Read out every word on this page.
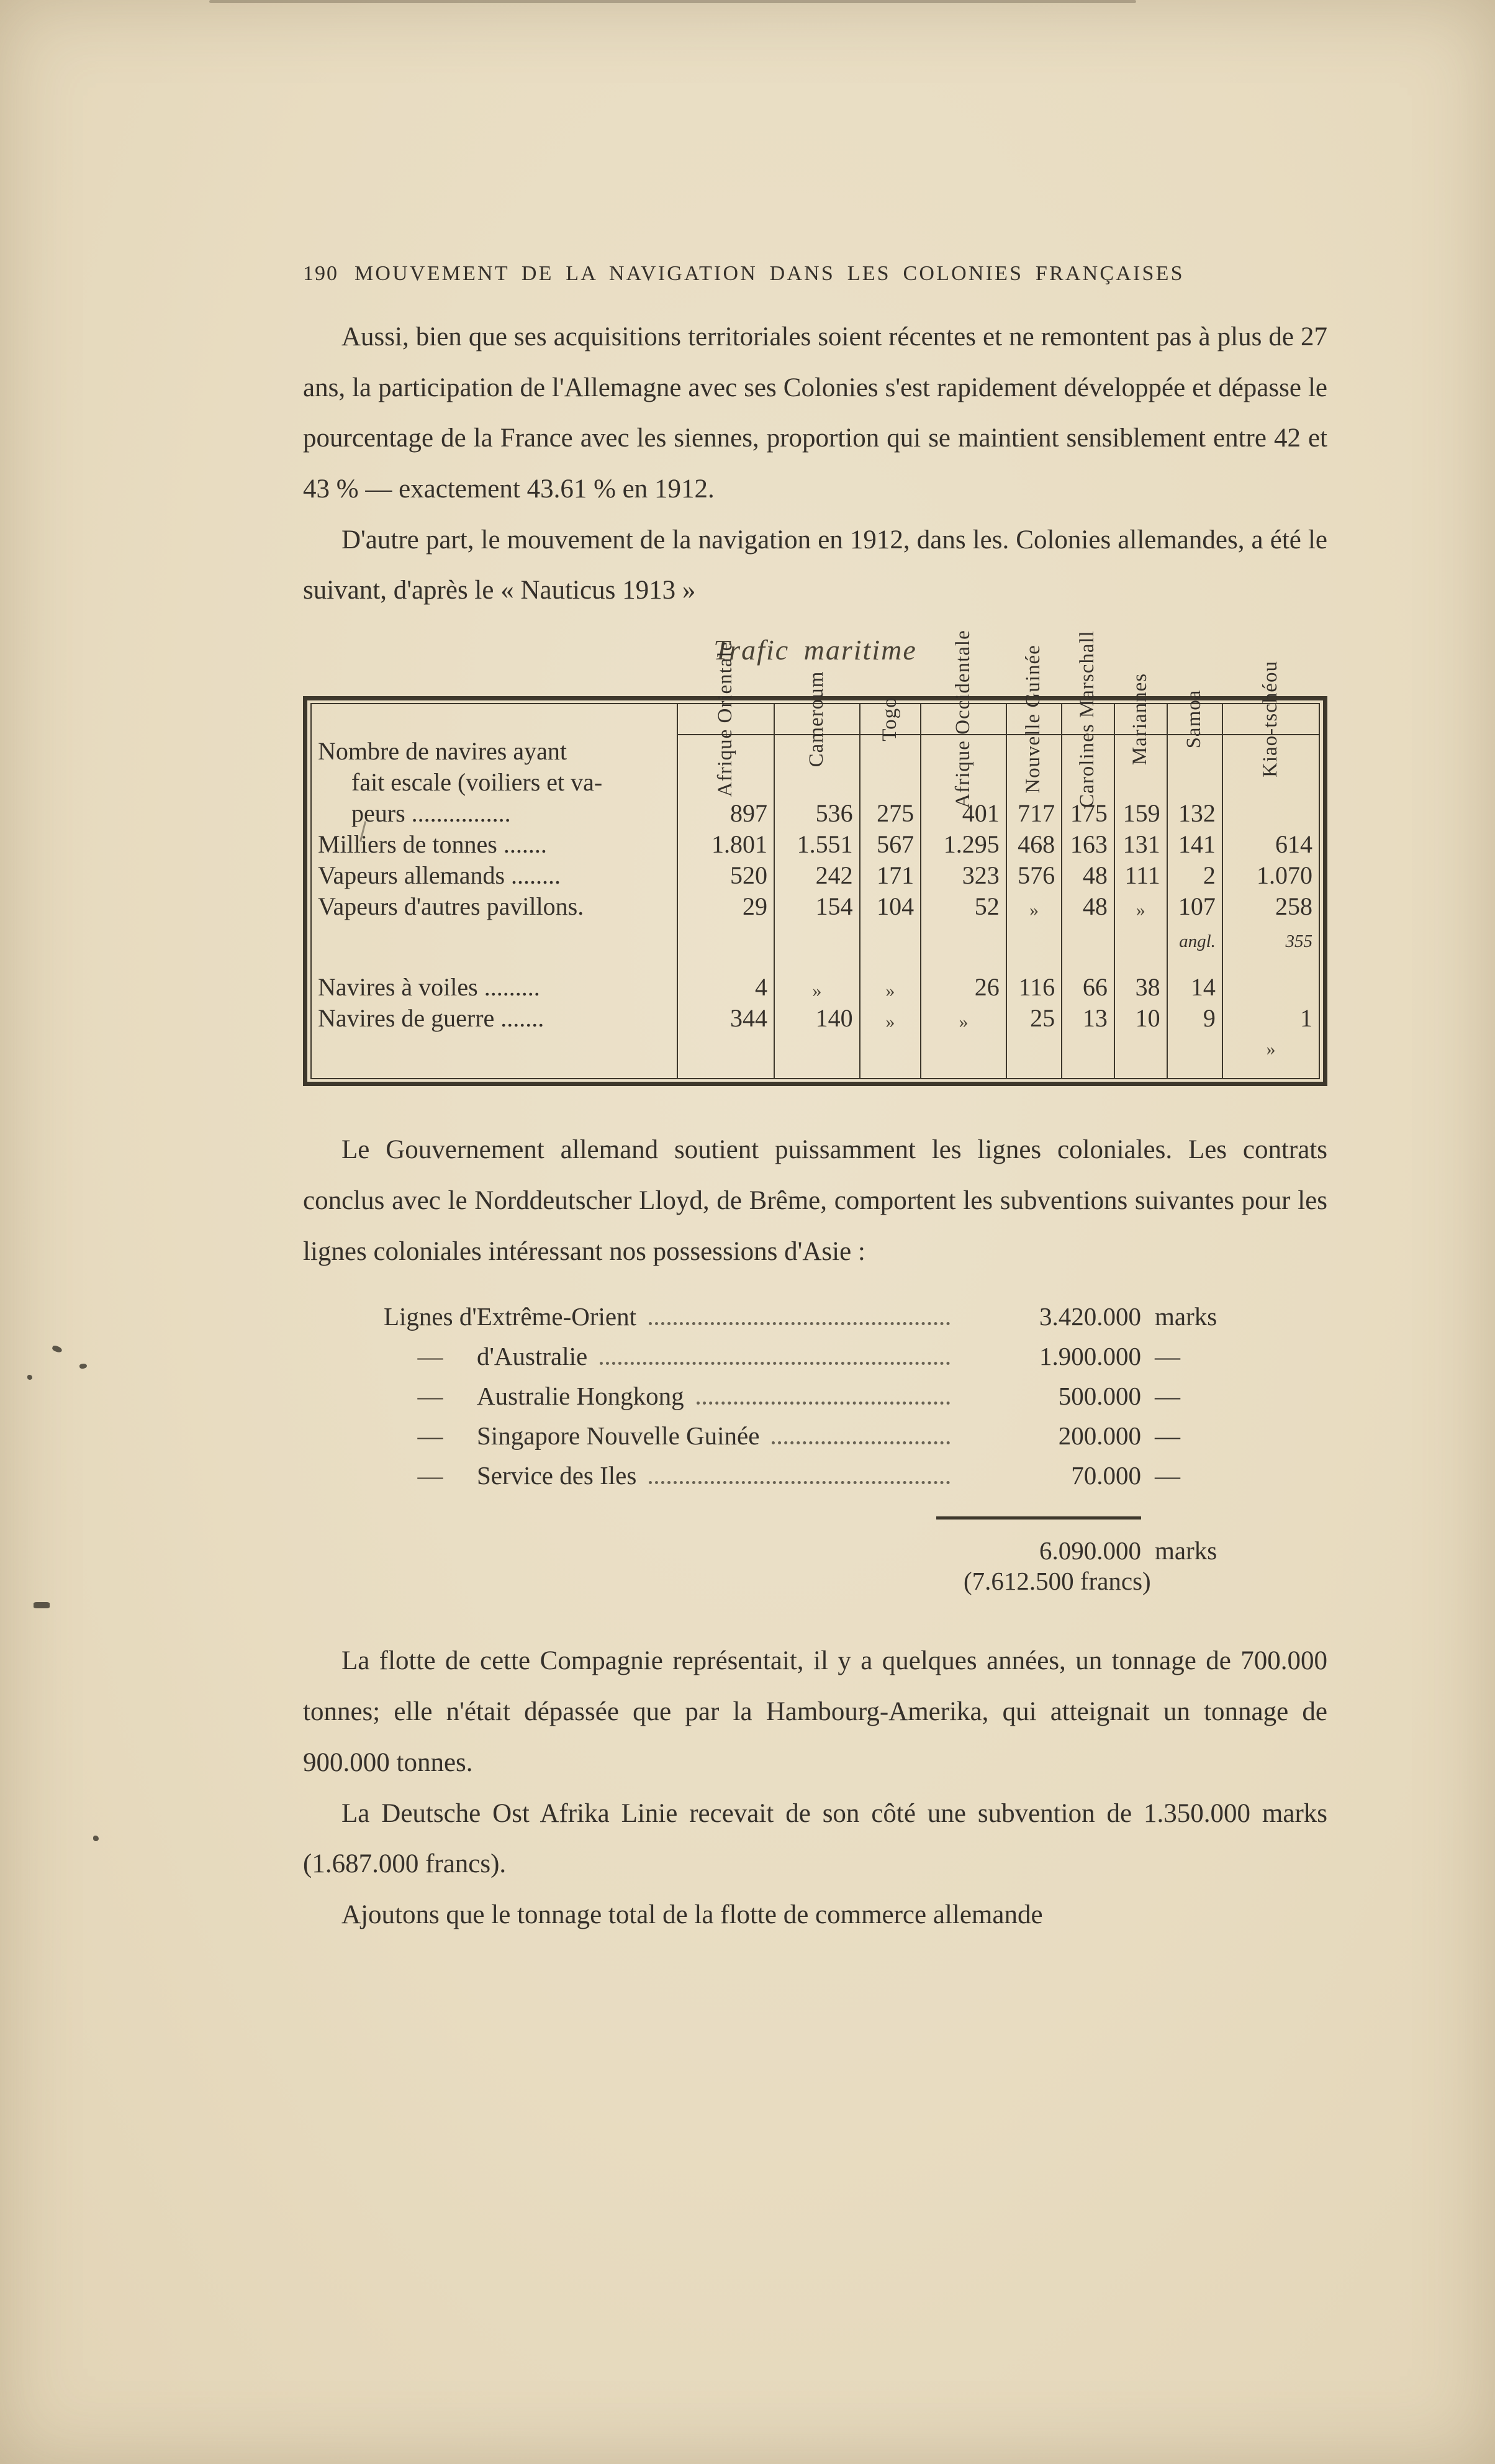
190 MOUVEMENT DE LA NAVIGATION DANS LES COLONIES FRANÇAISES

Aussi, bien que ses acquisitions territoriales soient récentes et ne remontent pas à plus de 27 ans, la participation de l'Allemagne avec ses Colonies s'est rapidement développée et dépasse le pourcentage de la France avec les siennes, proportion qui se maintient sensiblement entre 42 et 43 % — exactement 43.61 % en 1912.

D'autre part, le mouvement de la navigation en 1912, dans les. Colonies allemandes, a été le suivant, d'après le « Nauticus 1913 »

Trafic maritime

	Afrique Orientale	Cameroum	Togo	Afrique Occidentale	Nouvelle Guinée	Carolines Marschall	Mariannes	Samoa	Kiao-tschéou

Nombre de navires ayant									
fait escale (voiliers et va-									
peurs ................	897	536	275	401	717	175	159	132	
Milliers de tonnes .......	1.801	1.551	567	1.295	468	163	131	141	614
Vapeurs allemands ........	520	242	171	323	576	48	111	2	1.070
Vapeurs d'autres pavillons.	29	154	104	52	»	48	»	107	258
								angl.	355

Navires à voiles .........	4	»	»	26	116	66	38	14	
Navires de guerre .......	344	140	»	»	25	13	10	9	1
									»

Le Gouvernement allemand soutient puissamment les lignes coloniales. Les contrats conclus avec le Norddeutscher Lloyd, de Brême, comportent les subventions suivantes pour les lignes coloniales intéressant nos possessions d'Asie :

Lignes d'Extrême-Orient	3.420.000 marks
—	d'Australie	1.900.000 —
—	Australie Hongkong	500.000 —
—	Singapore Nouvelle Guinée	200.000 —
—	Service des Iles	70.000 —
6.090.000 marks
(7.612.500 francs)

La flotte de cette Compagnie représentait, il y a quelques années, un tonnage de 700.000 tonnes; elle n'était dépassée que par la Hambourg-Amerika, qui atteignait un tonnage de 900.000 tonnes.

La Deutsche Ost Afrika Linie recevait de son côté une subvention de 1.350.000 marks (1.687.000 francs).

Ajoutons que le tonnage total de la flotte de commerce allemande
